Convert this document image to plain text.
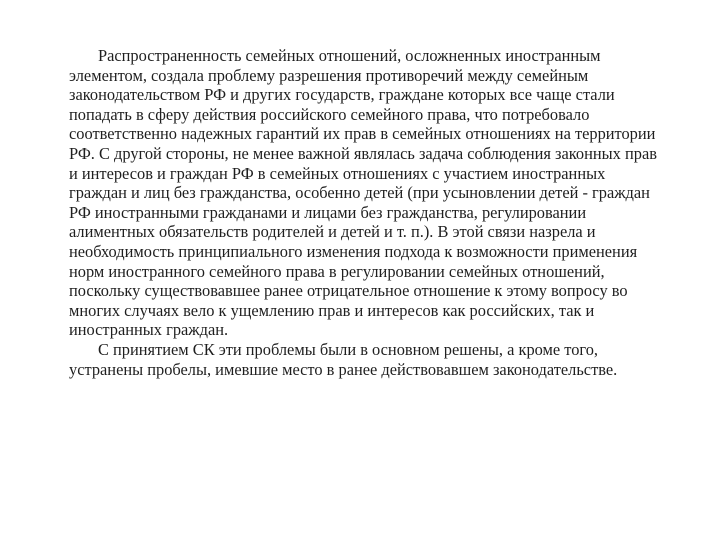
Распространенность семейных отношений, осложненных иностранным элементом, создала проблему разрешения противоречий между семейным законодательством РФ и других государств, граждане которых все чаще стали попадать в сферу действия российского семейного права, что потребовало соответственно надежных гарантий их прав в семейных отношениях на территории РФ. С другой стороны, не менее важной являлась задача соблюдения законных прав и интересов и граждан РФ в семейных отношениях с участием иностранных граждан и лиц без гражданства, особенно детей (при усыновлении детей - граждан РФ иностранными гражданами и лицами без гражданства, регулировании алиментных обязательств родителей и детей и т. п.). В этой связи назрела и необходимость принципиального изменения подхода к возможности применения норм иностранного семейного права в регулировании семейных отношений, поскольку существовавшее ранее отрицательное отношение к этому вопросу во многих случаях вело к ущемлению прав и интересов как российских, так и иностранных граждан.

С принятием СК эти проблемы были в основном решены, а кроме того, устранены пробелы, имевшие место в ранее действовавшем законодательстве.
